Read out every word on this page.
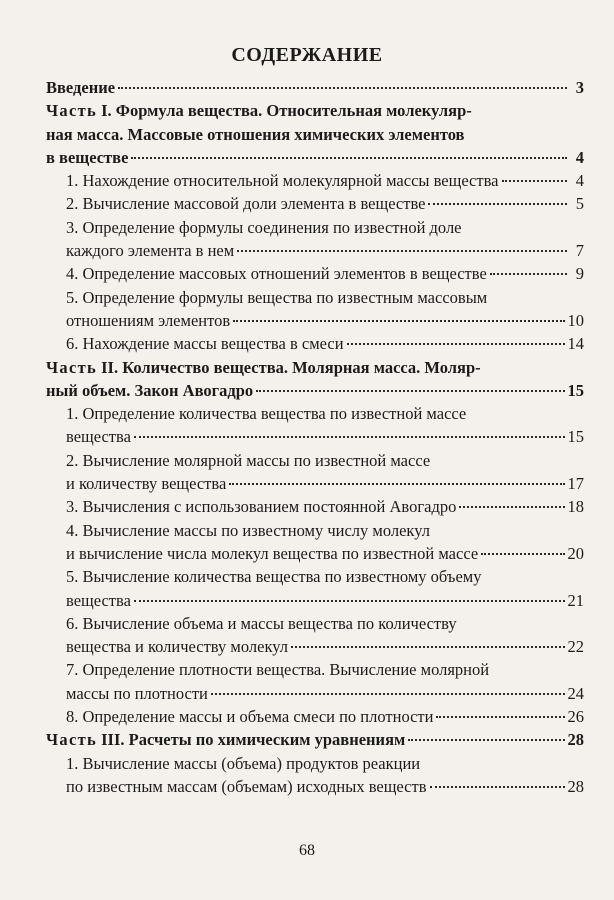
СОДЕРЖАНИЕ
Введение	3
Часть I. Формула вещества. Относительная молекуляр-
ная масса. Массовые отношения химических элементов
в веществе	4
1. Нахождение относительной молекулярной массы вещества	4
2. Вычисление массовой доли элемента в веществе	5
3. Определение формулы соединения по известной доле
каждого элемента в нем	7
4. Определение массовых отношений элементов в веществе	9
5. Определение формулы вещества по известным массовым
отношениям элементов	10
6. Нахождение массы вещества в смеси	14
Часть II. Количество вещества. Молярная масса. Моляр-
ный объем. Закон Авогадро	15
1. Определение количества вещества по известной массе
вещества	15
2. Вычисление молярной массы по известной массе
и количеству вещества	17
3. Вычисления с использованием постоянной Авогадро	18
4. Вычисление массы по известному числу молекул
и вычисление числа молекул вещества по известной массе	20
5. Вычисление количества вещества по известному объему
вещества	21
6. Вычисление объема и массы вещества по количеству
вещества и количеству молекул	22
7. Определение плотности вещества. Вычисление молярной
массы по плотности	24
8. Определение массы и объема смеси по плотности	26
Часть III. Расчеты по химическим уравнениям	28
1. Вычисление массы (объема) продуктов реакции
по известным массам (объемам) исходных веществ	28
68
